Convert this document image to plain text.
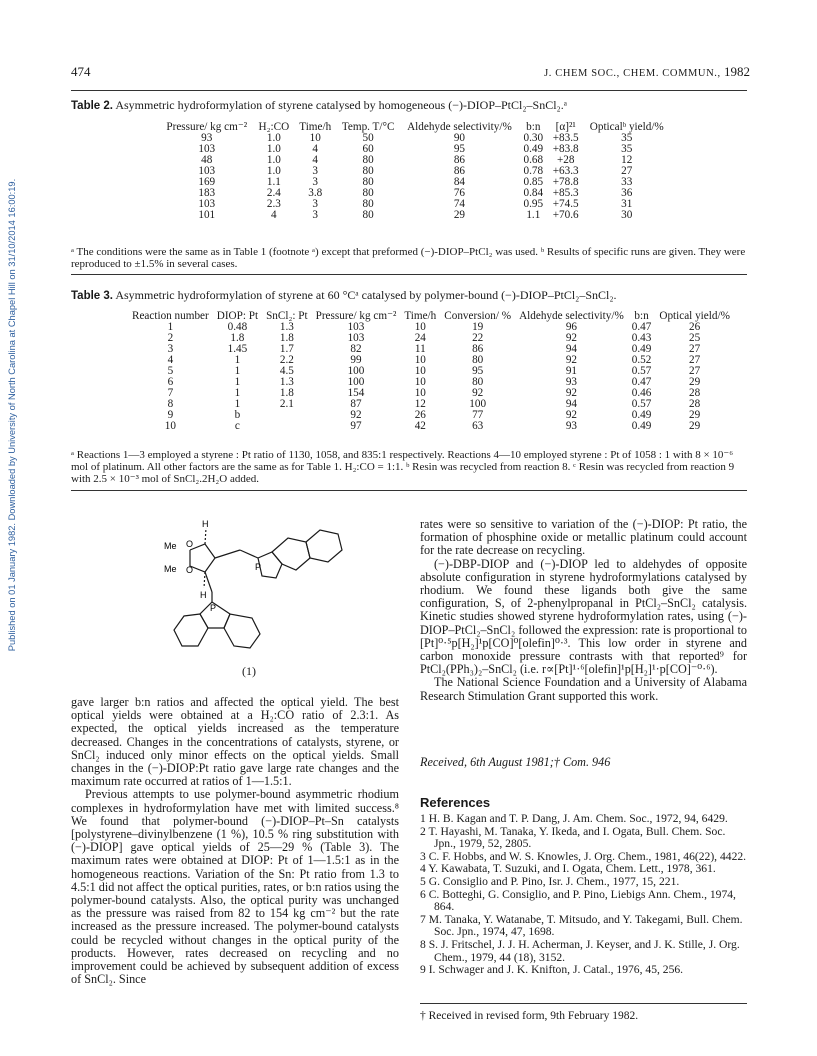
Published on 01 January 1982. Downloaded by University of North Carolina at Chapel Hill on 31/10/2014 16:00:19.
474	J. CHEM SOC., CHEM. COMMUN., 1982
Table 2. Asymmetric hydroformylation of styrene catalysed by homogeneous (−)-DIOP–PtCl₂–SnCl₂.ᵃ
Pressure/ kg cm⁻²	H₂:CO	Time/h	Temp. T/°C	Aldehyde selectivity/%	b:n	[α]²¹	Opticalᵇ yield/%
93	1.0	10	50	90	0.30	+83.5	35
103	1.0	4	60	95	0.49	+83.8	35
48	1.0	4	80	86	0.68	+28	12
103	1.0	3	80	86	0.78	+63.3	27
169	1.1	3	80	84	0.85	+78.8	33
183	2.4	3.8	80	76	0.84	+85.3	36
103	2.3	3	80	74	0.95	+74.5	31
101	4	3	80	29	1.1	+70.6	30
ᵃ The conditions were the same as in Table 1 (footnote ᵃ) except that preformed (−)-DIOP–PtCl₂ was used. ᵇ Results of specific runs are given. They were reproduced to ±1.5% in several cases.
Table 3. Asymmetric hydroformylation of styrene at 60 °Cᵃ catalysed by polymer-bound (−)-DIOP–PtCl₂–SnCl₂.
Reaction number	DIOP: Pt	SnCl₂: Pt	Pressure/ kg cm⁻²	Time/h	Conversion/ %	Aldehyde selectivity/%	b:n	Optical yield/%
1	0.48	1.3	103	10	19	96	0.47	26
2	1.8	1.8	103	24	22	92	0.43	25
3	1.45	1.7	82	11	86	94	0.49	27
4	1	2.2	99	10	80	92	0.52	27
5	1	4.5	100	10	95	91	0.57	27
6	1	1.3	100	10	80	93	0.47	29
7	1	1.8	154	10	92	92	0.46	28
8	1	2.1	87	12	100	94	0.57	28
9	b		92	26	77	92	0.49	29
10	c		97	42	63	93	0.49	29
ᵃ Reactions 1—3 employed a styrene : Pt ratio of 1130, 1058, and 835:1 respectively. Reactions 4—10 employed styrene : Pt of 1058 : 1 with 8 × 10⁻⁶ mol of platinum. All other factors are the same as for Table 1. H₂:CO = 1:1. ᵇ Resin was recycled from reaction 8. ᶜ Resin was recycled from reaction 9 with 2.5 × 10⁻³ mol of SnCl₂.2H₂O added.
H
Me O
Me O
H
P
P
(1)

gave larger b:n ratios and affected the optical yield. The best optical yields were obtained at a H₂:CO ratio of 2.3:1. As expected, the optical yields increased as the temperature decreased. Changes in the concentrations of catalysts, styrene, or SnCl₂ induced only minor effects on the optical yields. Small changes in the (−)-DIOP:Pt ratio gave large rate changes and the maximum rate occurred at ratios of 1—1.5:1.

Previous attempts to use polymer-bound asymmetric rhodium complexes in hydroformylation have met with limited success.⁸ We found that polymer-bound (−)-DIOP–Pt–Sn catalysts [polystyrene–divinylbenzene (1 %), 10.5 % ring substitution with (−)-DIOP] gave optical yields of 25—29 % (Table 3). The maximum rates were obtained at DIOP: Pt of 1—1.5:1 as in the homogeneous reactions. Variation of the Sn: Pt ratio from 1.3 to 4.5:1 did not affect the optical purities, rates, or b:n ratios using the polymer-bound catalysts. Also, the optical purity was unchanged as the pressure was raised from 82 to 154 kg cm⁻² but the rate increased as the pressure increased. The polymer-bound catalysts could be recycled without changes in the optical purity of the products. However, rates decreased on recycling and no improvement could be achieved by subsequent addition of excess of SnCl₂. Since

rates were so sensitive to variation of the (−)-DIOP: Pt ratio, the formation of phosphine oxide or metallic platinum could account for the rate decrease on recycling.

(−)-DBP-DIOP and (−)-DIOP led to aldehydes of opposite absolute configuration in styrene hydroformylations catalysed by rhodium. We found these ligands both give the same configuration, S, of 2-phenylpropanal in PtCl₂–SnCl₂ catalysis. Kinetic studies showed styrene hydroformylation rates, using (−)-DIOP–PtCl₂–SnCl₂ followed the expression: rate is proportional to [Pt]⁰·⁵p[H₂]¹p[CO]⁰[olefin]⁰·³. This low order in styrene and carbon monoxide pressure contrasts with that reported⁹ for PtCl₂(PPh₃)₂–SnCl₂ (i.e. r∝[Pt]¹·⁶[olefin]¹p[H₂]¹·p[CO]⁻⁰·⁶).

The National Science Foundation and a University of Alabama Research Stimulation Grant supported this work.

Received, 6th August 1981;† Com. 946
References
1 H. B. Kagan and T. P. Dang, J. Am. Chem. Soc., 1972, 94, 6429.
2 T. Hayashi, M. Tanaka, Y. Ikeda, and I. Ogata, Bull. Chem. Soc. Jpn., 1979, 52, 2805.
3 C. F. Hobbs, and W. S. Knowles, J. Org. Chem., 1981, 46(22), 4422.
4 Y. Kawabata, T. Suzuki, and I. Ogata, Chem. Lett., 1978, 361.
5 G. Consiglio and P. Pino, Isr. J. Chem., 1977, 15, 221.
6 C. Botteghi, G. Consiglio, and P. Pino, Liebigs Ann. Chem., 1974, 864.
7 M. Tanaka, Y. Watanabe, T. Mitsudo, and Y. Takegami, Bull. Chem. Soc. Jpn., 1974, 47, 1698.
8 S. J. Fritschel, J. J. H. Acherman, J. Keyser, and J. K. Stille, J. Org. Chem., 1979, 44 (18), 3152.
9 I. Schwager and J. K. Knifton, J. Catal., 1976, 45, 256.
† Received in revised form, 9th February 1982.
